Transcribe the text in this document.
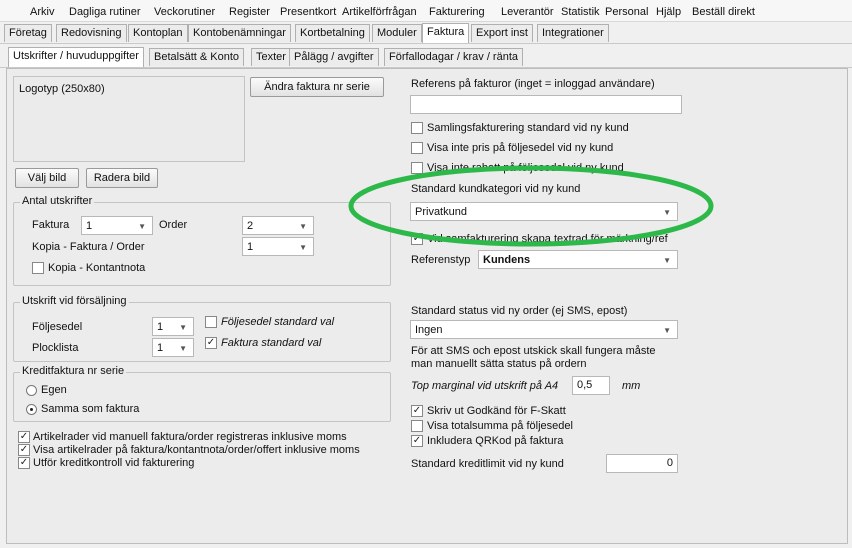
Arkiv Dagliga rutiner Veckorutiner Register Presentkort Artikelförfrågan Fakturering Leverantör Statistik Personal Hjälp Beställ direkt
Företag	Redovisning	Kontoplan Kontobenämningar	Kortbetalning	Moduler Faktura	Export inst	Integrationer
Utskrifter / huvuduppgifter	Betalsätt & Konto	Texter Pålägg / avgifter	Förfallodagar / krav / ränta
Logotyp (250x80)	Ändra faktura nr serie
Välj bild	Radera bild
Antal utskrifter
Faktura 1	▼ Order	2	▼
Kopia - Faktura / Order	1	▼
Kopia - Kontantnota
Utskrift vid försäljning
Följesedel	1 ▼
Plocklista	1 ▼
Följesedel standard val
✓ Faktura standard val
Kreditfaktura nr serie
Egen
Samma som faktura
✓ Artikelrader vid manuell faktura/order registreras inklusive moms
✓ Visa artikelrader på faktura/kontantnota/order/offert inklusive moms
✓ Utför kreditkontroll vid fakturering
Referens på fakturor (inget = inloggad användare)
Samlingsfakturering standard vid ny kund
Visa inte pris på följesedel vid ny kund
Visa inte rabatt på följesedel vid ny kund
Standard kundkategori vid ny kund
Privatkund	▼
✓ Vid samfakturering skapa textrad för märkning/ref
Referenstyp Kundens	▼
Standard status vid ny order (ej SMS, epost)
Ingen	▼
För att SMS och epost utskick skall fungera måste
man manuellt sätta status på ordern
Top marginal vid utskrift på A4	0,5	mm
✓ Skriv ut Godkänd för F-Skatt
Visa totalsumma på följesedel
✓ Inkludera QRKod på faktura
Standard kreditlimit vid ny kund	0
